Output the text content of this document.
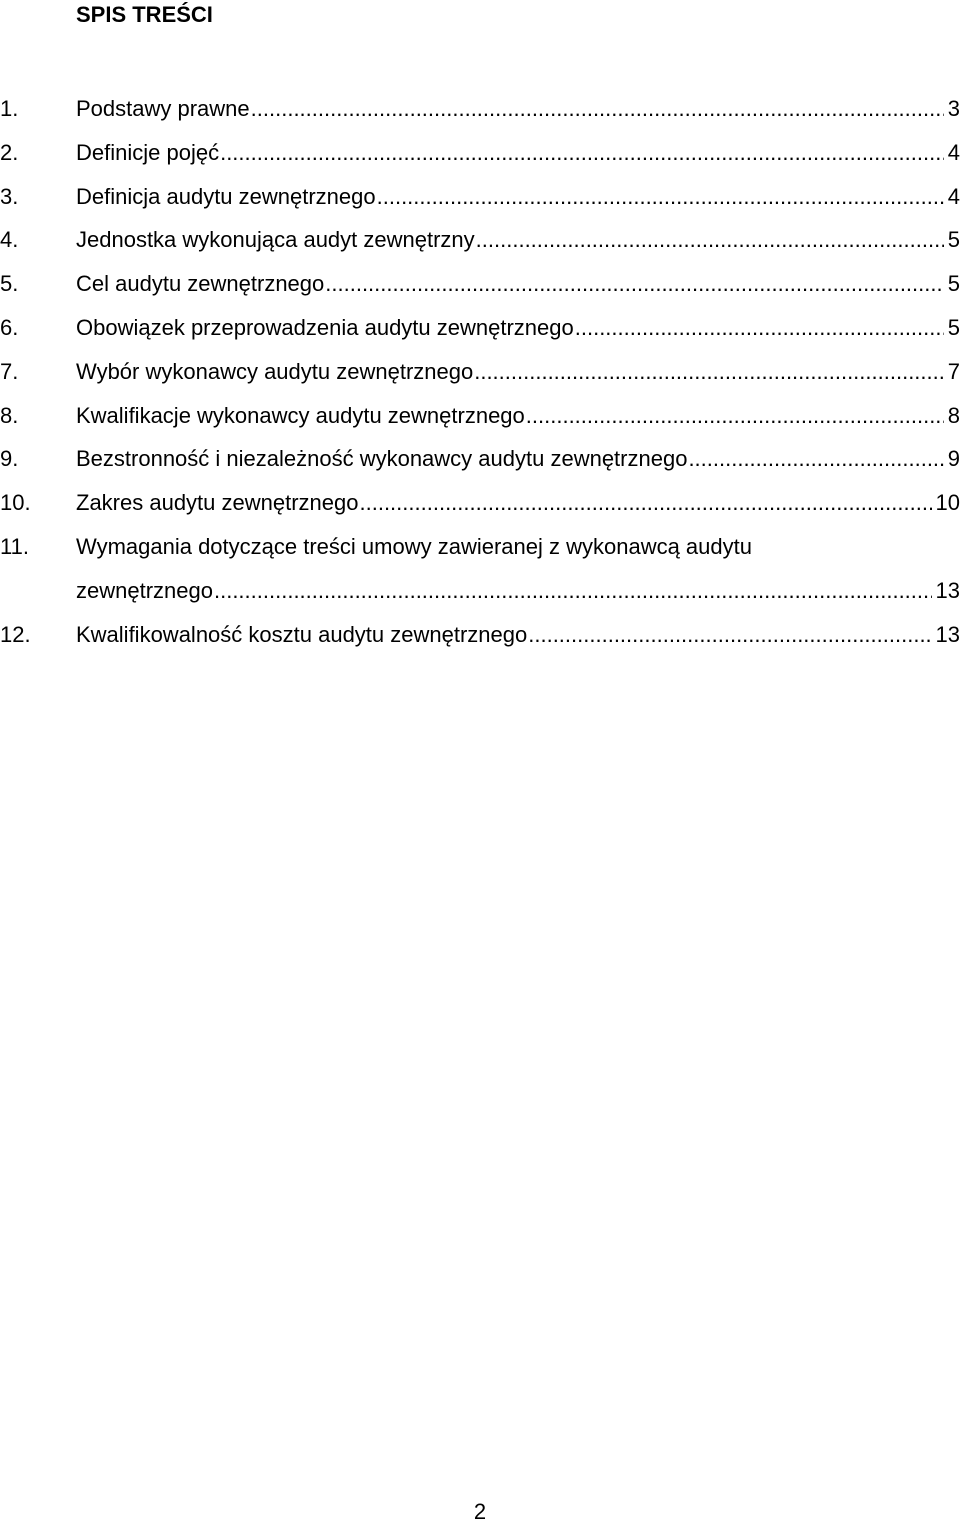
SPIS TREŚCI
1.	Podstawy prawne .....	3
2.	Definicje pojęć .....	4
3.	Definicja audytu zewnętrznego .....	4
4.	Jednostka wykonująca audyt zewnętrzny .....	5
5.	Cel audytu zewnętrznego .....	5
6.	Obowiązek przeprowadzenia audytu zewnętrznego .....	5
7.	Wybór wykonawcy audytu zewnętrznego .....	7
8.	Kwalifikacje wykonawcy audytu zewnętrznego .....	8
9.	Bezstronność i niezależność wykonawcy audytu zewnętrznego .....	9
10. Zakres audytu zewnętrznego .....	10
11. Wymagania dotyczące treści umowy zawieranej z wykonawcą audytu
zewnętrznego .....	13
12. Kwalifikowalność kosztu audytu zewnętrznego .....	13
2
